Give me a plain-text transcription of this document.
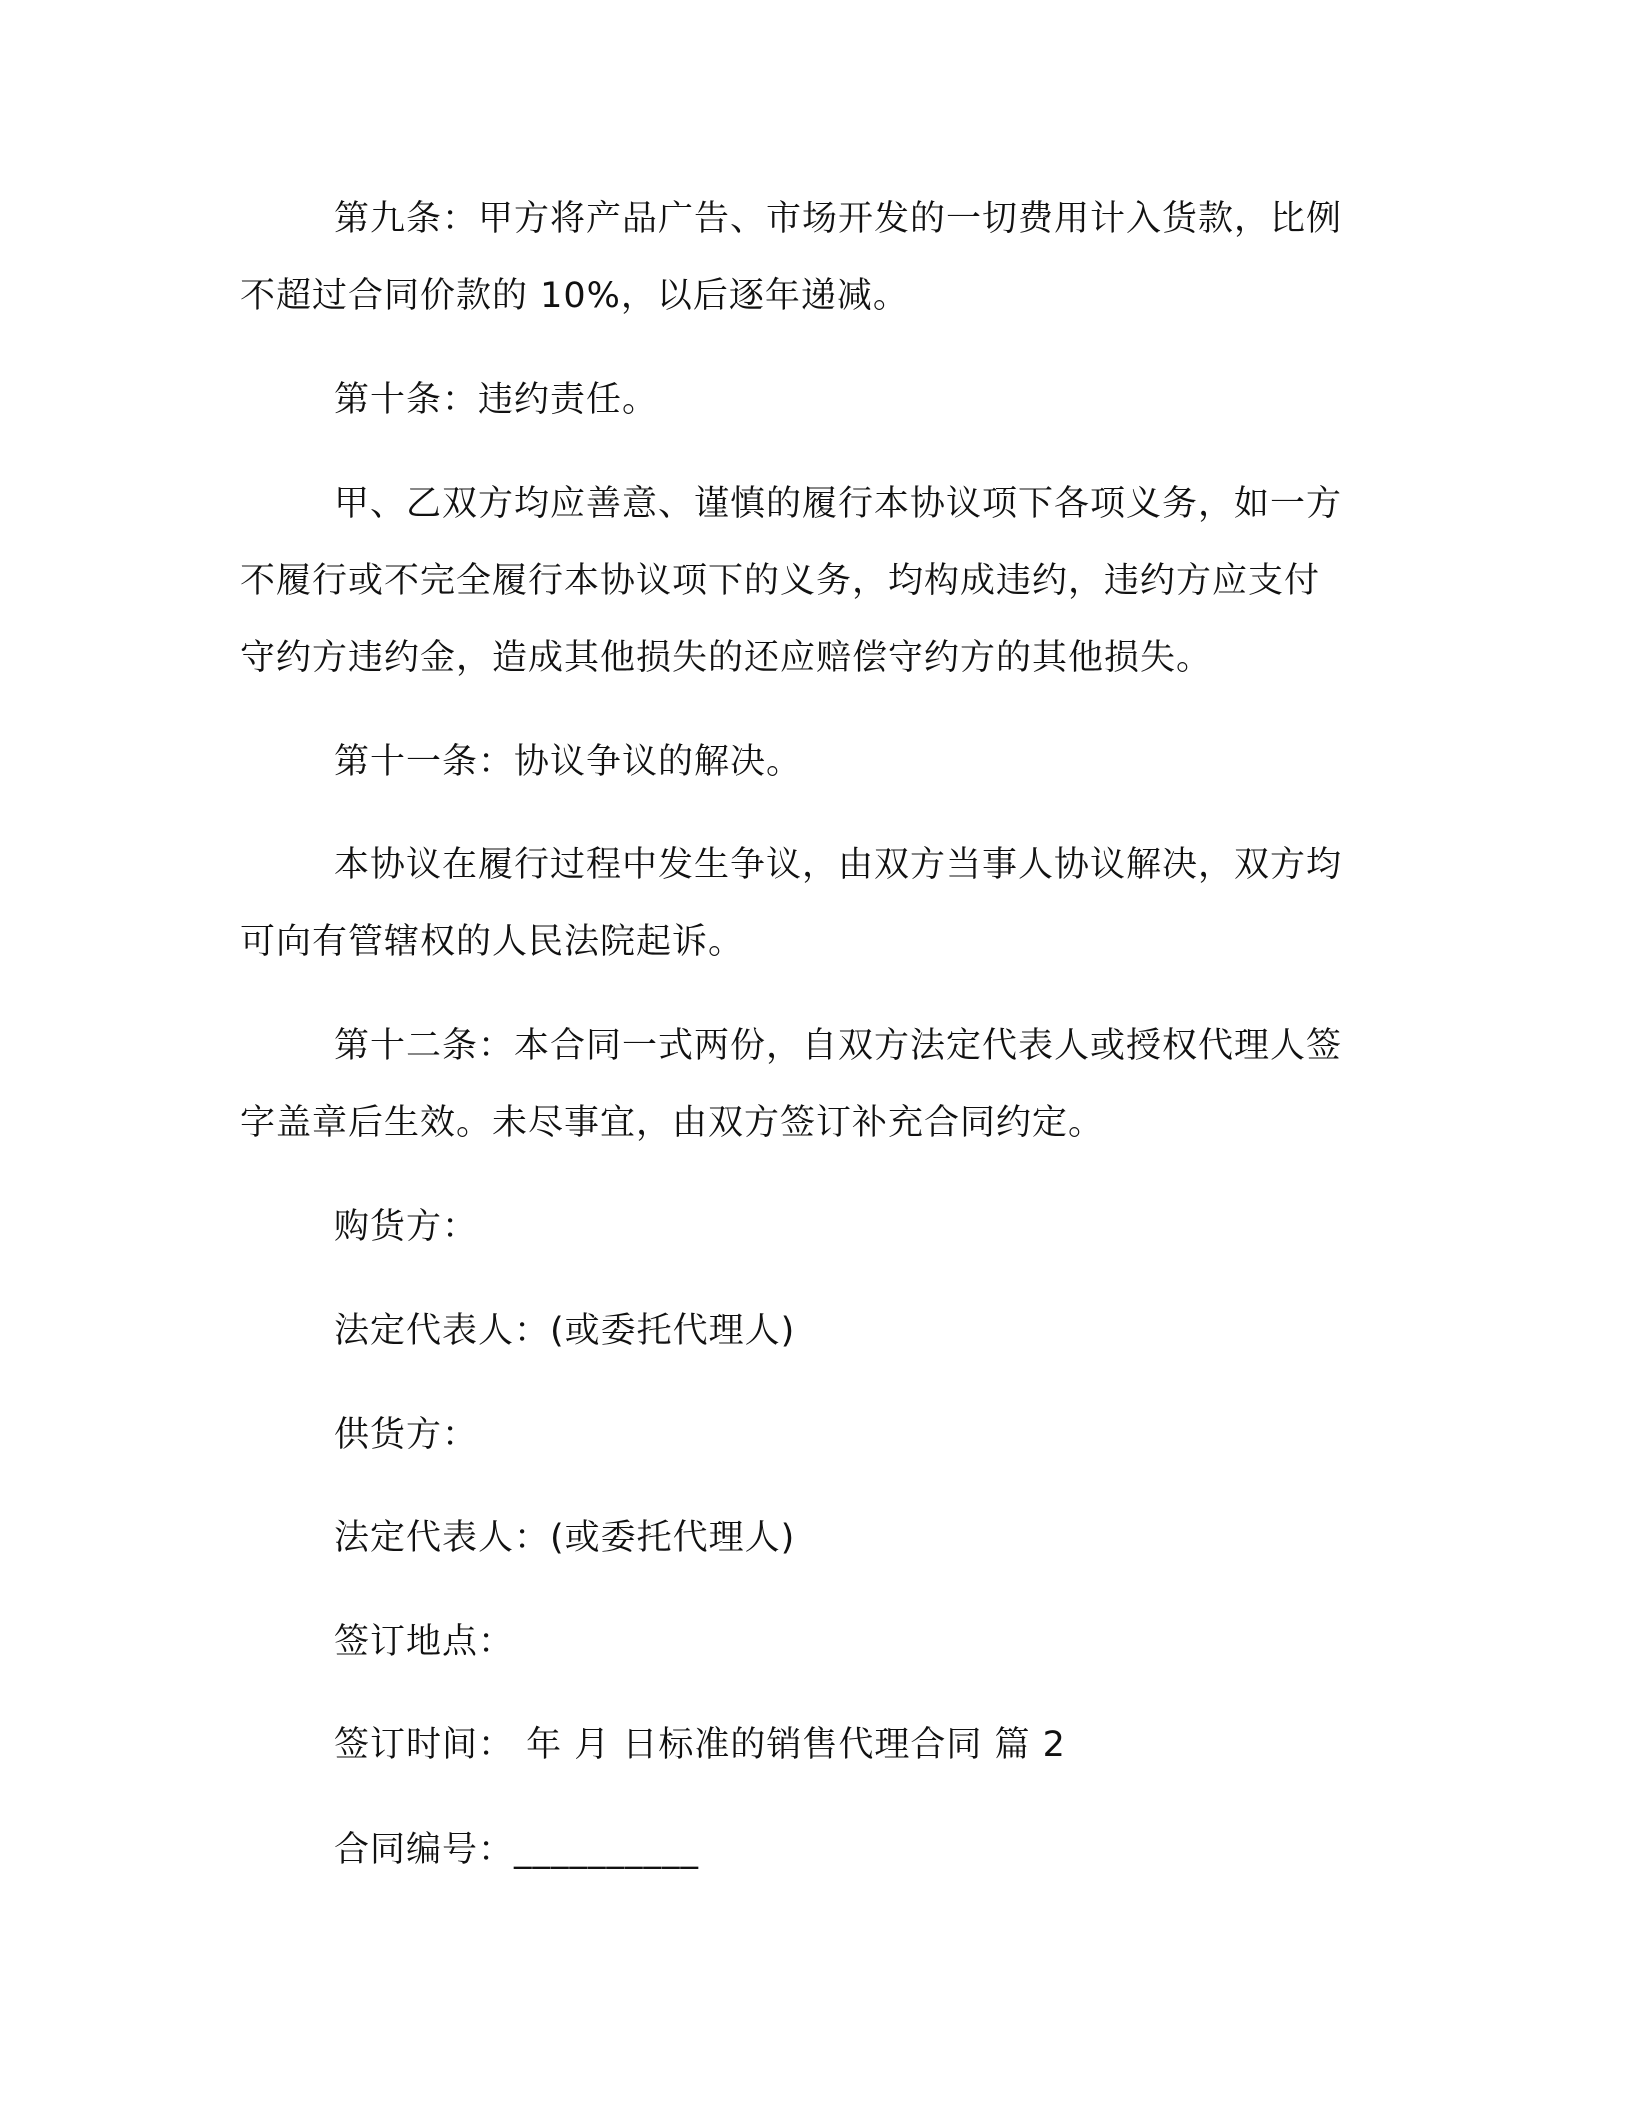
第九条：甲方将产品广告、市场开发的一切费用计入货款，比例
不超过合同价款的 10%，以后逐年递减。
第十条：违约责任。
甲、乙双方均应善意、谨慎的履行本协议项下各项义务，如一方
不履行或不完全履行本协议项下的义务，均构成违约，违约方应支付
守约方违约金，造成其他损失的还应赔偿守约方的其他损失。
第十一条：协议争议的解决。
本协议在履行过程中发生争议，由双方当事人协议解决，双方均
可向有管辖权的人民法院起诉。
第十二条：本合同一式两份，自双方法定代表人或授权代理人签
字盖章后生效。未尽事宜，由双方签订补充合同约定。
购货方：
法定代表人：(或委托代理人)
供货方：
法定代表人：(或委托代理人)
签订地点：
签订时间： 年 月 日标准的销售代理合同 篇 2
合同编号：__________
